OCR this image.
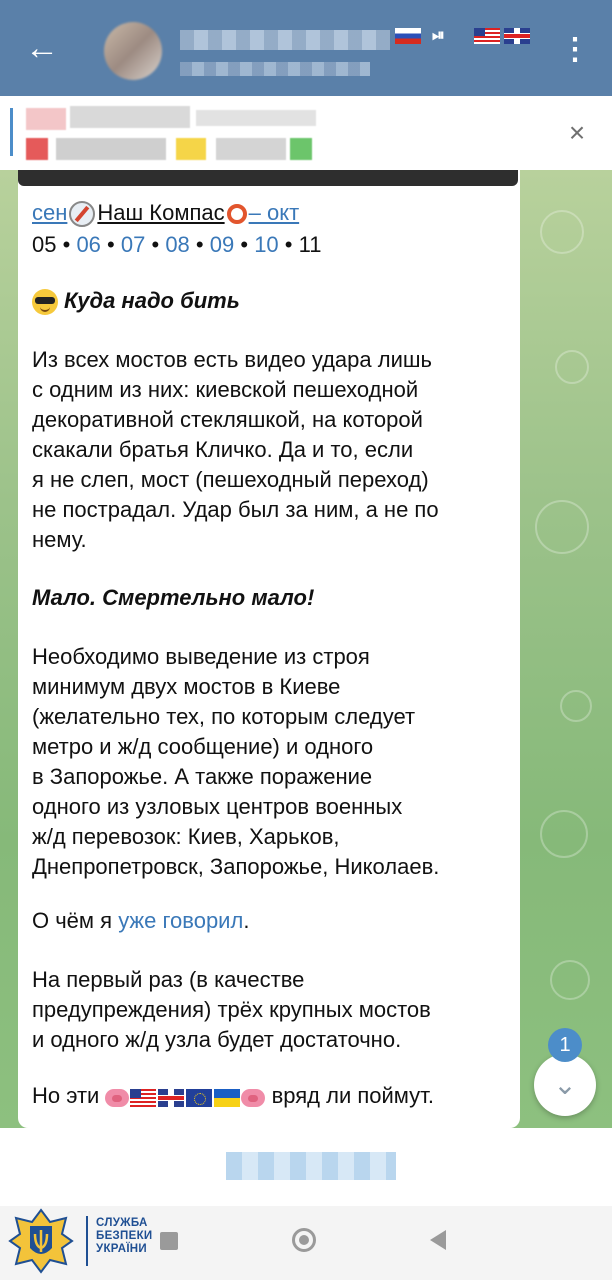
←	⏯	⋮
×
сен Наш Компас – окт
05 • 06 • 07 • 08 • 09 • 10 • 11
Куда надо бить
Из всех мостов есть видео удара лишь
с одним из них: киевской пешеходной
декоративной стекляшкой, на которой
скакали братья Кличко. Да и то, если
я не слеп, мост (пешеходный переход)
не пострадал. Удар был за ним, а не по
нему.
Мало. Смертельно мало!
Необходимо выведение из строя
минимум двух мостов в Киеве
(желательно тех, по которым следует
метро и ж/д сообщение) и одного
в Запорожье. А также поражение
одного из узловых центров военных
ж/д перевозок: Киев, Харьков,
Днепропетровск, Запорожье, Николаев.
О чём я уже говорил.
На первый раз (в качестве
предупреждения) трёх крупных мостов
и одного ж/д узла будет достаточно.
Но эти	вряд ли поймут.	⌄
1
СЛУЖБА
БЕЗПЕКИ
УКРАЇНИ
